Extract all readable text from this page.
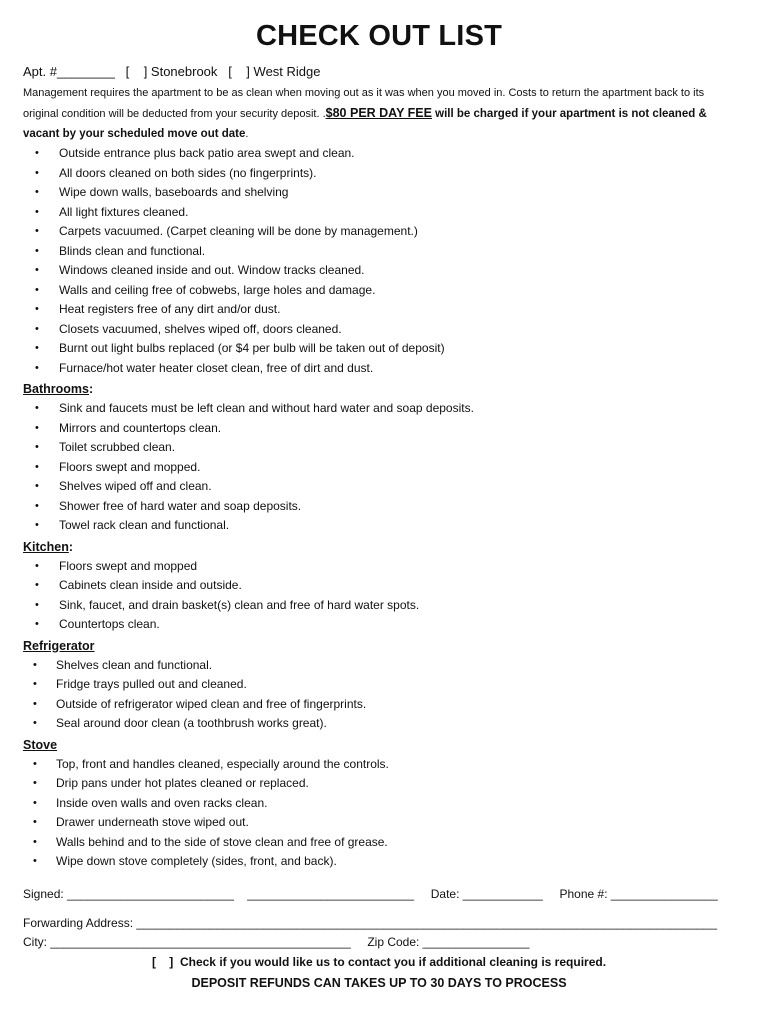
CHECK OUT LIST
Apt. #________   [    ] Stonebrook   [    ] West Ridge
Management requires the apartment to be as clean when moving out as it was when you moved in. Costs to return the apartment back to its original condition will be deducted from your security deposit. .$80 PER DAY FEE will be charged if your apartment is not cleaned & vacant by your scheduled move out date.
• Outside entrance plus back patio area swept and clean.
• All doors cleaned on both sides (no fingerprints).
• Wipe down walls, baseboards and shelving
• All light fixtures cleaned.
• Carpets vacuumed. (Carpet cleaning will be done by management.)
• Blinds clean and functional.
• Windows cleaned inside and out. Window tracks cleaned.
• Walls and ceiling free of cobwebs, large holes and damage.
• Heat registers free of any dirt and/or dust.
• Closets vacuumed, shelves wiped off, doors cleaned.
• Burnt out light bulbs replaced (or $4 per bulb will be taken out of deposit)
• Furnace/hot water heater closet clean, free of dirt and dust.
Bathrooms:
• Sink and faucets must be left clean and without hard water and soap deposits.
• Mirrors and countertops clean.
• Toilet scrubbed clean.
• Floors swept and mopped.
• Shelves wiped off and clean.
• Shower free of hard water and soap deposits.
• Towel rack clean and functional.
Kitchen:
• Floors swept and mopped
• Cabinets clean inside and outside.
• Sink, faucet, and drain basket(s) clean and free of hard water spots.
• Countertops clean.
Refrigerator
• Shelves clean and functional.
• Fridge trays pulled out and cleaned.
• Outside of refrigerator wiped clean and free of fingerprints.
• Seal around door clean (a toothbrush works great).
Stove
• Top, front and handles cleaned, especially around the controls.
• Drip pans under hot plates cleaned or replaced.
• Inside oven walls and oven racks clean.
• Drawer underneath stove wiped out.
• Walls behind and to the side of stove clean and free of grease.
• Wipe down stove completely (sides, front, and back).
Signed: _________________________    _________________________     Date: ____________     Phone #: ________________
Forwarding Address: _______________________________________________________________________________________
City: _____________________________________________     Zip Code: ________________
[    ]  Check if you would like us to contact you if additional cleaning is required.
DEPOSIT REFUNDS CAN TAKES UP TO 30 DAYS TO PROCESS
